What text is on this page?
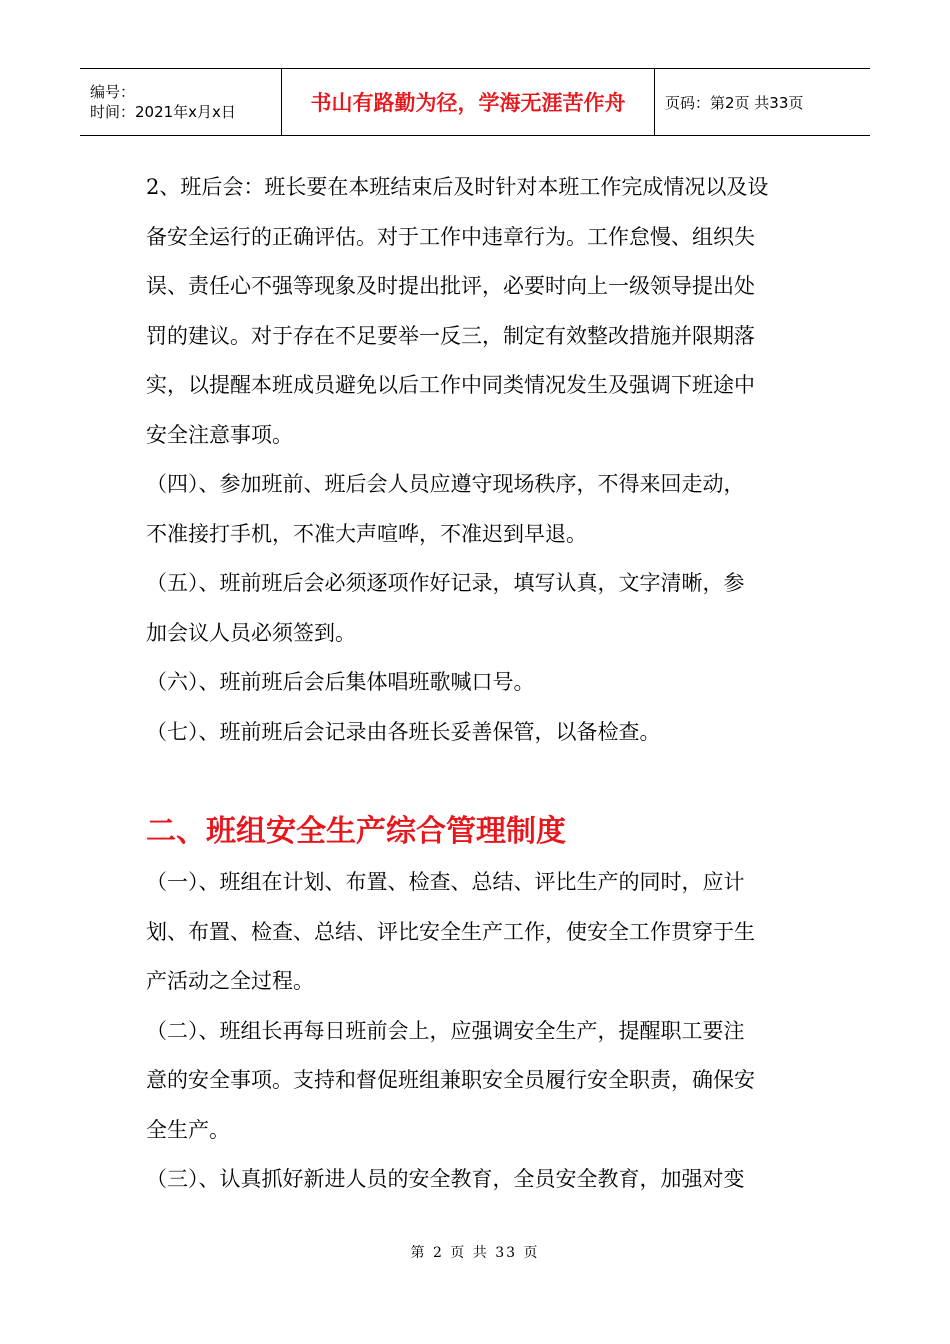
编号：
时间：2021年x月x日	书山有路勤为径，学海无涯苦作舟	页码：第2页 共33页

2、班后会：班长要在本班结束后及时针对本班工作完成情况以及设

备安全运行的正确评估。对于工作中违章行为。工作怠慢、组织失

误、责任心不强等现象及时提出批评，必要时向上一级领导提出处

罚的建议。对于存在不足要举一反三，制定有效整改措施并限期落

实，以提醒本班成员避免以后工作中同类情况发生及强调下班途中

安全注意事项。

（四）、参加班前、班后会人员应遵守现场秩序，不得来回走动，

不准接打手机，不准大声喧哗，不准迟到早退。

（五）、班前班后会必须逐项作好记录，填写认真，文字清晰，参

加会议人员必须签到。

（六）、班前班后会后集体唱班歌喊口号。

（七）、班前班后会记录由各班长妥善保管，以备检查。

二、班组安全生产综合管理制度

（一）、班组在计划、布置、检查、总结、评比生产的同时，应计

划、布置、检查、总结、评比安全生产工作，使安全工作贯穿于生

产活动之全过程。

（二）、班组长再每日班前会上，应强调安全生产，提醒职工要注

意的安全事项。支持和督促班组兼职安全员履行安全职责，确保安

全生产。

（三）、认真抓好新进人员的安全教育，全员安全教育，加强对变

第 2 页 共 33 页
